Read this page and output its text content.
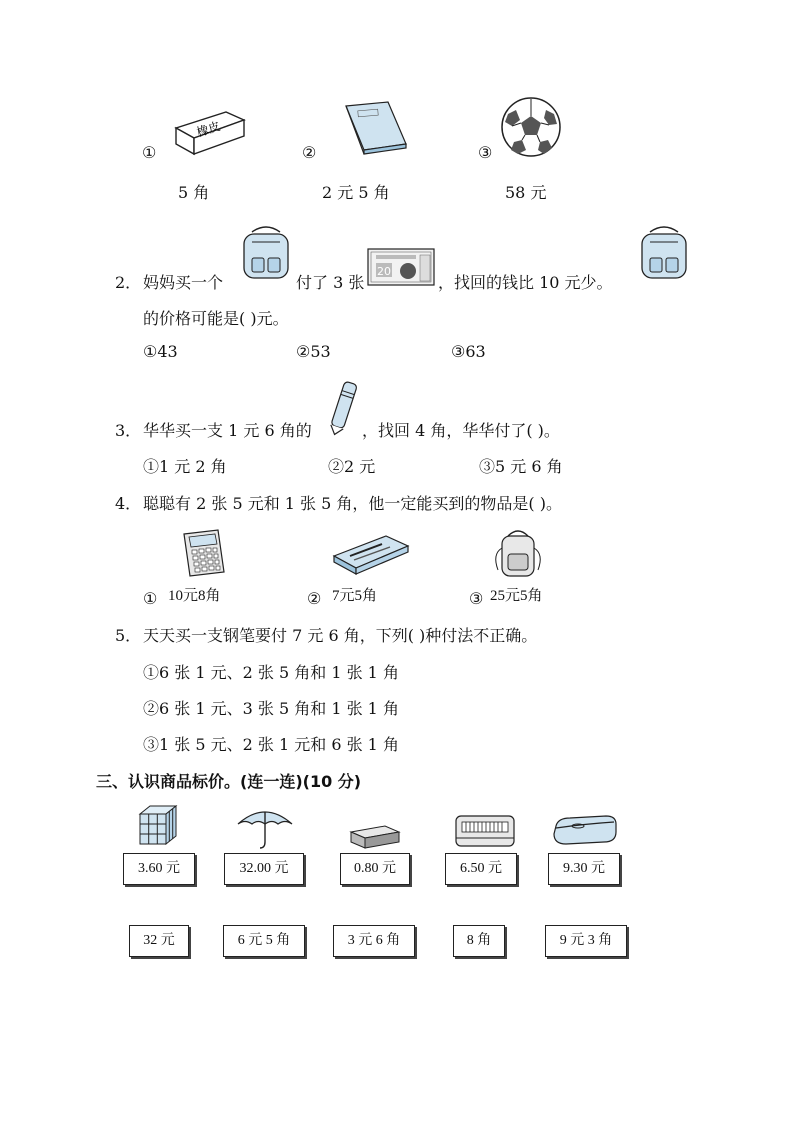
①
橡皮
5 角
②
2 元 5 角
③
58 元
2． 妈妈买一个	付了 3 张
20
，找回的钱比 10 元少。
的价格可能是( )元。
①43	②53	③63
3． 华华买一支 1 元 6 角的	，找回 4 角，华华付了( )。
①1 元 2 角	②2 元	③5 元 6 角
4． 聪聪有 2 张 5 元和 1 张 5 角，他一定能买到的物品是( )。
① 10元8角	② 7元5角	③ 25元5角
5． 天天买一支钢笔要付 7 元 6 角，下列( )种付法不正确。
①6 张 1 元、2 张 5 角和 1 张 1 角
②6 张 1 元、3 张 5 角和 1 张 1 角
③1 张 5 元、2 张 1 元和 6 张 1 角
三、认识商品标价。(连一连)(10 分)
3.60 元	32.00 元	0.80 元	6.50 元	9.30 元
32 元	6 元 5 角	3 元 6 角	8 角	9 元 3 角
